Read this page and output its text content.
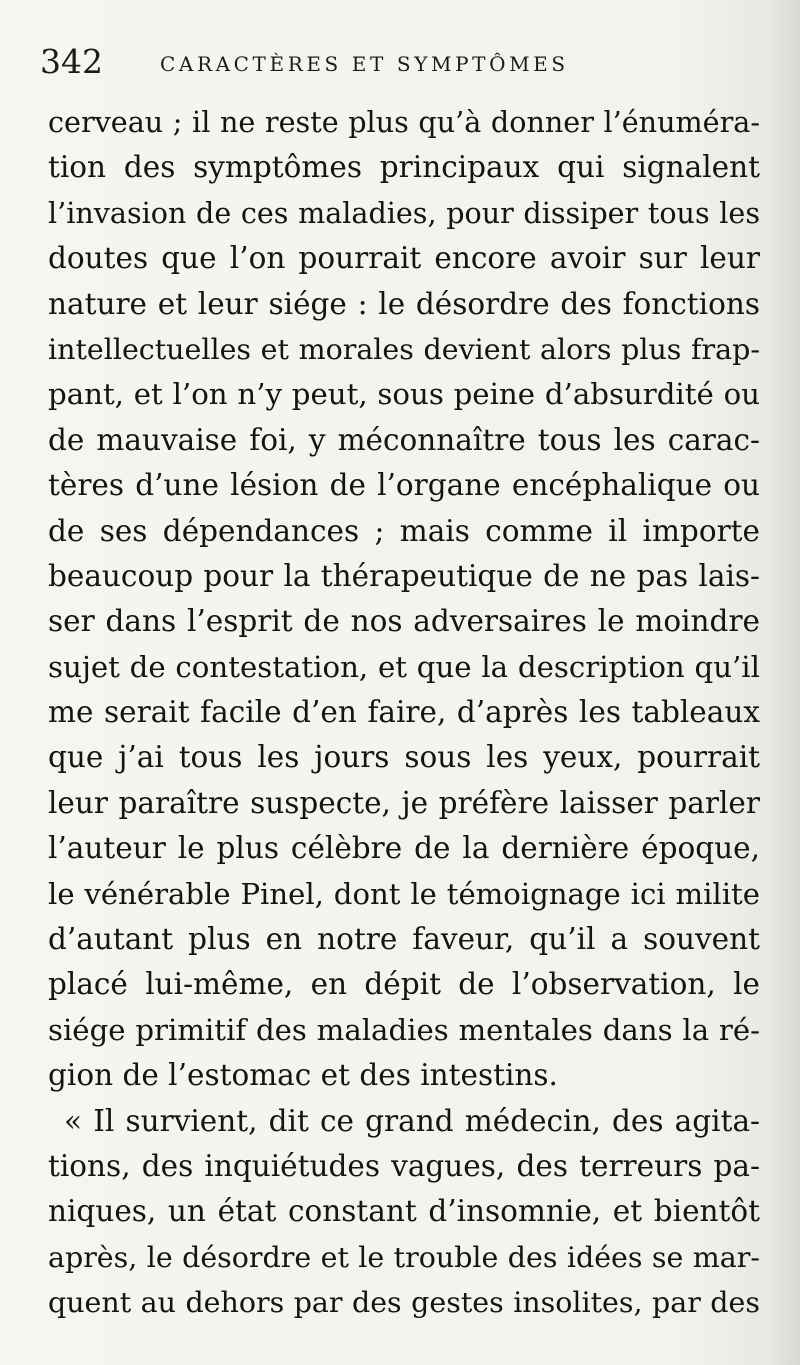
342	CARACTÈRES ET SYMPTÔMES
cerveau ; il ne reste plus qu’à donner l’énuméra-
tion des symptômes principaux qui signalent
l’invasion de ces maladies, pour dissiper tous les
doutes que l’on pourrait encore avoir sur leur
nature et leur siége : le désordre des fonctions
intellectuelles et morales devient alors plus frap-
pant, et l’on n’y peut, sous peine d’absurdité ou
de mauvaise foi, y méconnaître tous les carac-
tères d’une lésion de l’organe encéphalique ou
de ses dépendances ; mais comme il importe
beaucoup pour la thérapeutique de ne pas lais-
ser dans l’esprit de nos adversaires le moindre
sujet de contestation, et que la description qu’il
me serait facile d’en faire, d’après les tableaux
que j’ai tous les jours sous les yeux, pourrait
leur paraître suspecte, je préfère laisser parler
l’auteur le plus célèbre de la dernière époque,
le vénérable Pinel, dont le témoignage ici milite
d’autant plus en notre faveur, qu’il a souvent
placé lui-même, en dépit de l’observation, le
siége primitif des maladies mentales dans la ré-
gion de l’estomac et des intestins.
« Il survient, dit ce grand médecin, des agita-
tions, des inquiétudes vagues, des terreurs pa-
niques, un état constant d’insomnie, et bientôt
après, le désordre et le trouble des idées se mar-
quent au dehors par des gestes insolites, par des
